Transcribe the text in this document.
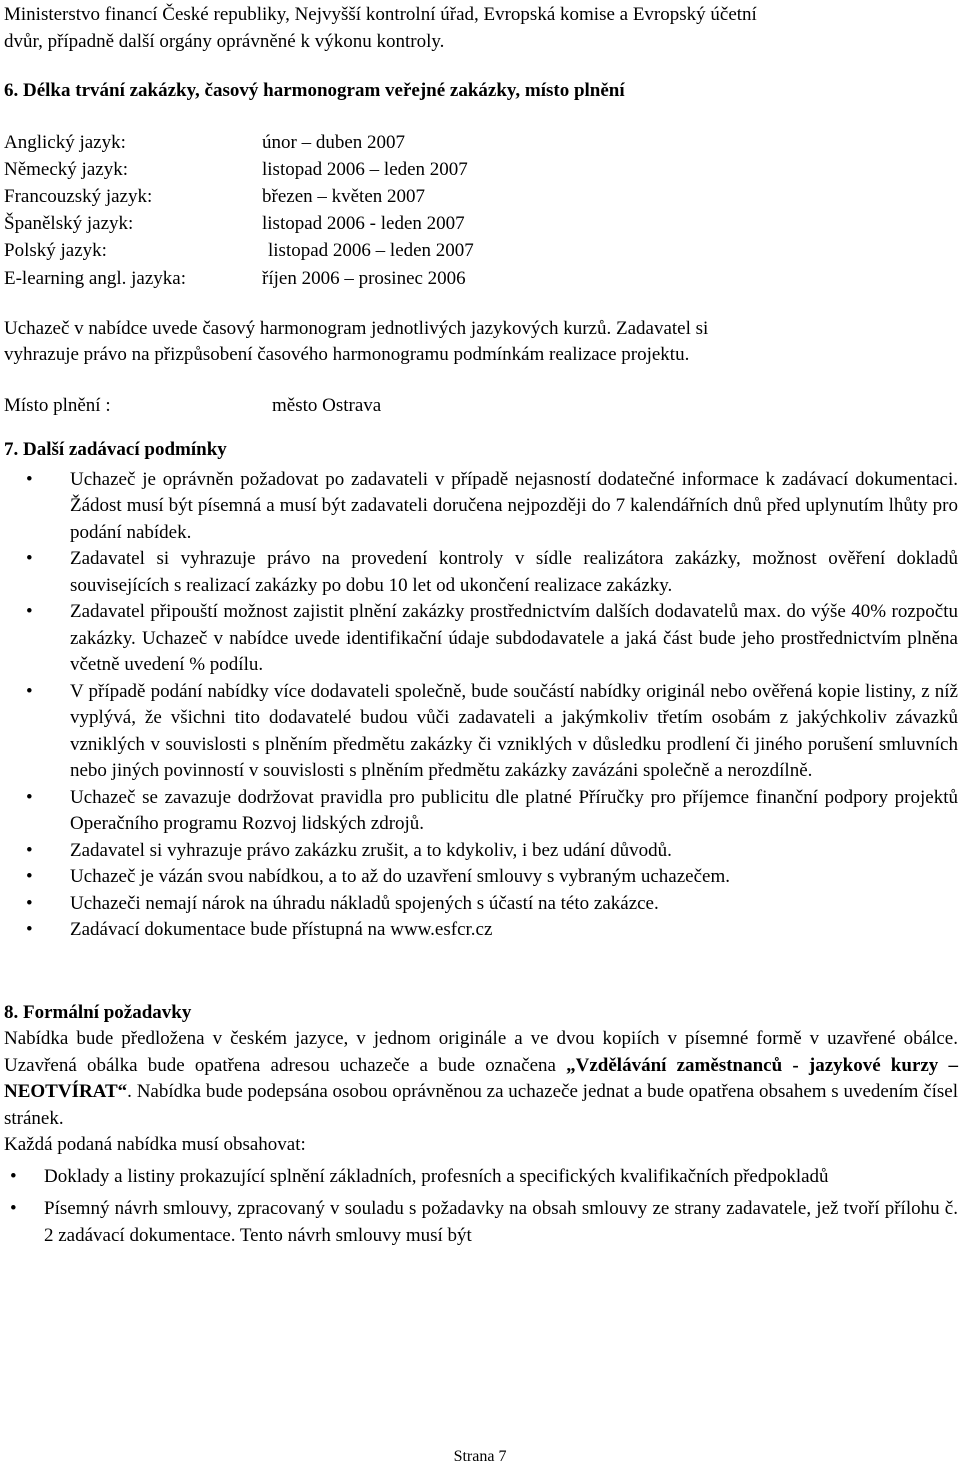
Ministerstvo financí České republiky, Nejvyšší kontrolní úřad, Evropská komise a Evropský účetní

dvůr, případně další orgány oprávněné k výkonu kontroly.

6. Délka trvání zakázky, časový harmonogram veřejné zakázky, místo plnění

Anglický jazyk:	únor – duben 2007
Německý jazyk:	listopad 2006 – leden 2007
Francouzský jazyk:	březen – květen 2007
Španělský jazyk:	listopad 2006 - leden 2007
Polský jazyk:	listopad 2006 – leden 2007
E-learning angl. jazyka:	říjen 2006 – prosinec 2006

Uchazeč v nabídce uvede časový harmonogram jednotlivých jazykových kurzů. Zadavatel si

vyhrazuje právo na přizpůsobení časového harmonogramu podmínkám realizace projektu.

Místo plnění :	město Ostrava

7. Další zadávací podmínky

• Uchazeč je oprávněn požadovat po zadavateli v případě nejasností dodatečné informace k zadávací dokumentaci. Žádost musí být písemná a musí být zadavateli doručena nejpozději do 7 kalendářních dnů před uplynutím lhůty pro podání nabídek.
• Zadavatel si vyhrazuje právo na provedení kontroly v sídle realizátora zakázky, možnost ověření dokladů souvisejících s realizací zakázky po dobu 10 let od ukončení realizace zakázky.
• Zadavatel připouští možnost zajistit plnění zakázky prostřednictvím dalších dodavatelů max. do výše 40% rozpočtu zakázky. Uchazeč v nabídce uvede identifikační údaje subdodavatele a jaká část bude jeho prostřednictvím plněna včetně uvedení % podílu.
• V případě podání nabídky více dodavateli společně, bude součástí nabídky originál nebo ověřená kopie listiny, z níž vyplývá, že všichni tito dodavatelé budou vůči zadavateli a jakýmkoliv třetím osobám z jakýchkoliv závazků vzniklých v souvislosti s plněním předmětu zakázky či vzniklých v důsledku prodlení či jiného porušení smluvních nebo jiných povinností v souvislosti s plněním předmětu zakázky zavázáni společně a nerozdílně.
• Uchazeč se zavazuje dodržovat pravidla pro publicitu dle platné Příručky pro příjemce finanční podpory projektů Operačního programu Rozvoj lidských zdrojů.
• Zadavatel si vyhrazuje právo zakázku zrušit, a to kdykoliv, i bez udání důvodů.
• Uchazeč je vázán svou nabídkou, a to až do uzavření smlouvy s vybraným uchazečem.
• Uchazeči nemají nárok na úhradu nákladů spojených s účastí na této zakázce.
• Zadávací dokumentace bude přístupná na www.esfcr.cz

8. Formální požadavky

Nabídka bude předložena v českém jazyce, v jednom originále a ve dvou kopiích v písemné formě v uzavřené obálce. Uzavřená obálka bude opatřena adresou uchazeče a bude označena „Vzdělávání zaměstnanců - jazykové kurzy – NEOTVÍRAT“. Nabídka bude podepsána osobou oprávněnou za uchazeče jednat a bude opatřena obsahem s uvedením čísel stránek.

Každá podaná nabídka musí obsahovat:

• Doklady a listiny prokazující splnění základních, profesních a specifických kvalifikačních předpokladů
• Písemný návrh smlouvy, zpracovaný v souladu s požadavky na obsah smlouvy ze strany zadavatele, jež tvoří přílohu č. 2 zadávací dokumentace. Tento návrh smlouvy musí být
Strana 7
